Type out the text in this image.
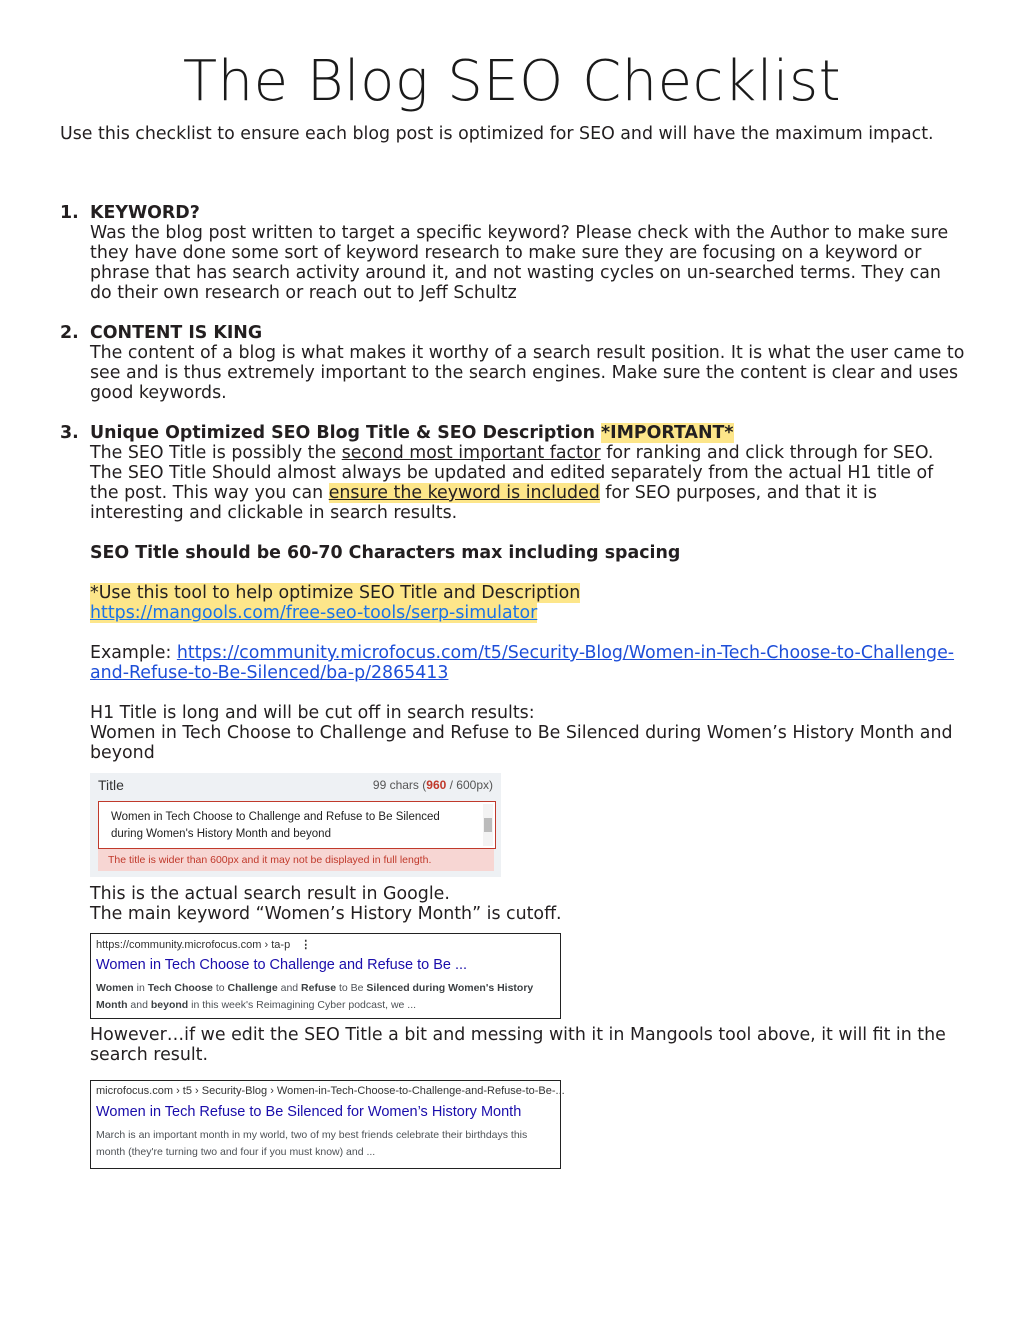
The Blog SEO Checklist

Use this checklist to ensure each blog post is optimized for SEO and will have the maximum impact.

1. KEYWORD?

Was the blog post written to target a specific keyword? Please check with the Author to make sure they have done some sort of keyword research to make sure they are focusing on a keyword or phrase that has search activity around it, and not wasting cycles on un-searched terms. They can do their own research or reach out to Jeff Schultz

2. CONTENT IS KING

The content of a blog is what makes it worthy of a search result position. It is what the user came to see and is thus extremely important to the search engines. Make sure the content is clear and uses good keywords.

3. Unique Optimized SEO Blog Title & SEO Description *IMPORTANT*

The SEO Title is possibly the second most important factor for ranking and click through for SEO. The SEO Title Should almost always be updated and edited separately from the actual H1 title of the post. This way you can ensure the keyword is included for SEO purposes, and that it is interesting and clickable in search results.

SEO Title should be 60-70 Characters max including spacing

*Use this tool to help optimize SEO Title and Description
https://mangools.com/free-seo-tools/serp-simulator

Example: https://community.microfocus.com/t5/Security-Blog/Women-in-Tech-Choose-to-Challenge-and-Refuse-to-Be-Silenced/ba-p/2865413

H1 Title is long and will be cut off in search results:
Women in Tech Choose to Challenge and Refuse to Be Silenced during Women’s History Month and beyond

Title	99 chars (960 / 600px)
Women in Tech Choose to Challenge and Refuse to Be Silenced during Women's History Month and beyond
The title is wider than 600px and it may not be displayed in full length.

This is the actual search result in Google.
The main keyword “Women’s History Month” is cutoff.

https://community.microfocus.com › ta-p ⋮
Women in Tech Choose to Challenge and Refuse to Be ...
Women in Tech Choose to Challenge and Refuse to Be Silenced during Women's History Month and beyond in this week's Reimagining Cyber podcast, we ...

However…if we edit the SEO Title a bit and messing with it in Mangools tool above, it will fit in the search result.

microfocus.com › t5 › Security-Blog › Women-in-Tech-Choose-to-Challenge-and-Refuse-to-Be-...
Women in Tech Refuse to Be Silenced for Women’s History Month
March is an important month in my world, two of my best friends celebrate their birthdays this month (they're turning two and four if you must know) and ...
